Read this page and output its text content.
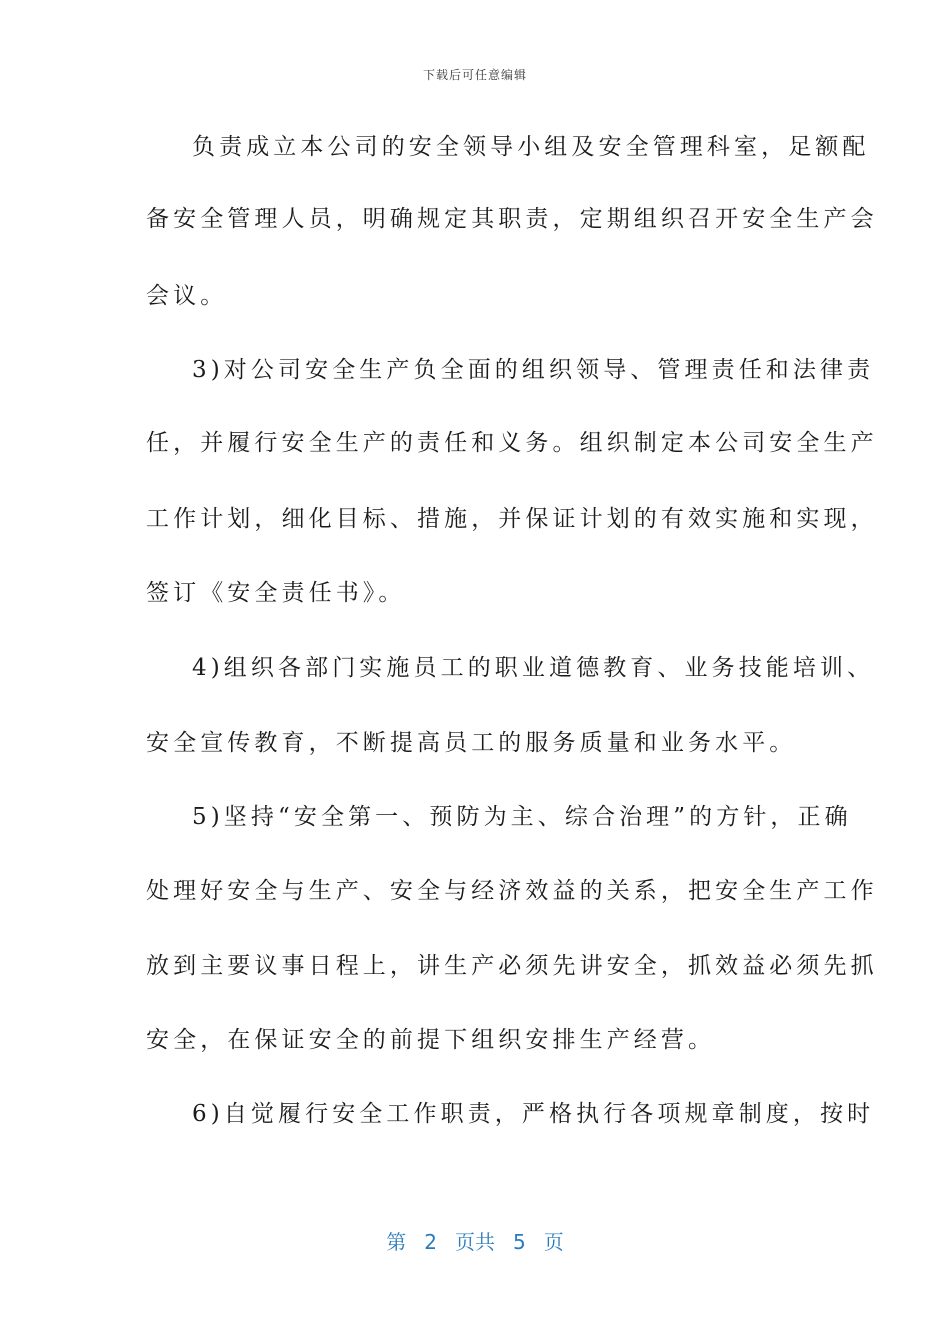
下载后可任意编辑
负责成立本公司的安全领导小组及安全管理科室，足额配
备安全管理人员，明确规定其职责，定期组织召开安全生产会
会议。
3)对公司安全生产负全面的组织领导、管理责任和法律责
任，并履行安全生产的责任和义务。组织制定本公司安全生产
工作计划，细化目标、措施，并保证计划的有效实施和实现，
签订《安全责任书》。
4)组织各部门实施员工的职业道德教育、业务技能培训、
安全宣传教育，不断提高员工的服务质量和业务水平。
5)坚持“安全第一、预防为主、综合治理”的方针，正确
处理好安全与生产、安全与经济效益的关系，把安全生产工作
放到主要议事日程上，讲生产必须先讲安全，抓效益必须先抓
安全，在保证安全的前提下组织安排生产经营。
6)自觉履行安全工作职责，严格执行各项规章制度，按时
第 2 页共 5 页
